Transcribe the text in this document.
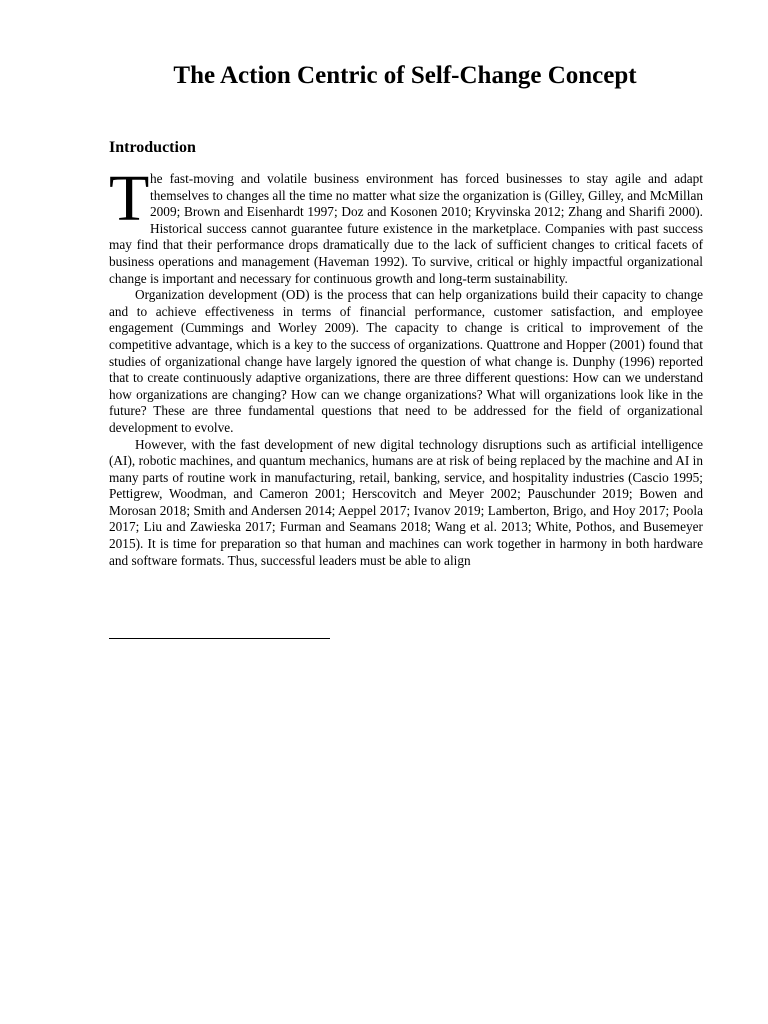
The Action Centric of Self-Change Concept
Introduction

T he fast-moving and volatile business environment has forced businesses to stay agile and adapt themselves to changes all the time no matter what size the organization is (Gilley, Gilley, and McMillan 2009; Brown and Eisenhardt 1997; Doz and Kosonen 2010; Kryvinska 2012; Zhang and Sharifi 2000). Historical success cannot guarantee future existence in the marketplace. Companies with past success may find that their performance drops dramatically due to the lack of sufficient changes to critical facets of business operations and management (Haveman 1992). To survive, critical or highly impactful organizational change is important and necessary for continuous growth and long-term sustainability.

Organization development (OD) is the process that can help organizations build their capacity to change and to achieve effectiveness in terms of financial performance, customer satisfaction, and employee engagement (Cummings and Worley 2009). The capacity to change is critical to improvement of the competitive advantage, which is a key to the success of organizations. Quattrone and Hopper (2001) found that studies of organizational change have largely ignored the question of what change is. Dunphy (1996) reported that to create continuously adaptive organizations, there are three different questions: How can we understand how organizations are changing? How can we change organizations? What will organizations look like in the future? These are three fundamental questions that need to be addressed for the field of organizational development to evolve.

However, with the fast development of new digital technology disruptions such as artificial intelligence (AI), robotic machines, and quantum mechanics, humans are at risk of being replaced by the machine and AI in many parts of routine work in manufacturing, retail, banking, service, and hospitality industries (Cascio 1995; Pettigrew, Woodman, and Cameron 2001; Herscovitch and Meyer 2002; Pauschunder 2019; Bowen and Morosan 2018; Smith and Andersen 2014; Aeppel 2017; Ivanov 2019; Lamberton, Brigo, and Hoy 2017; Poola 2017; Liu and Zawieska 2017; Furman and Seamans 2018; Wang et al. 2013; White, Pothos, and Busemeyer 2015). It is time for preparation so that human and machines can work together in harmony in both hardware and software formats. Thus, successful leaders must be able to align
